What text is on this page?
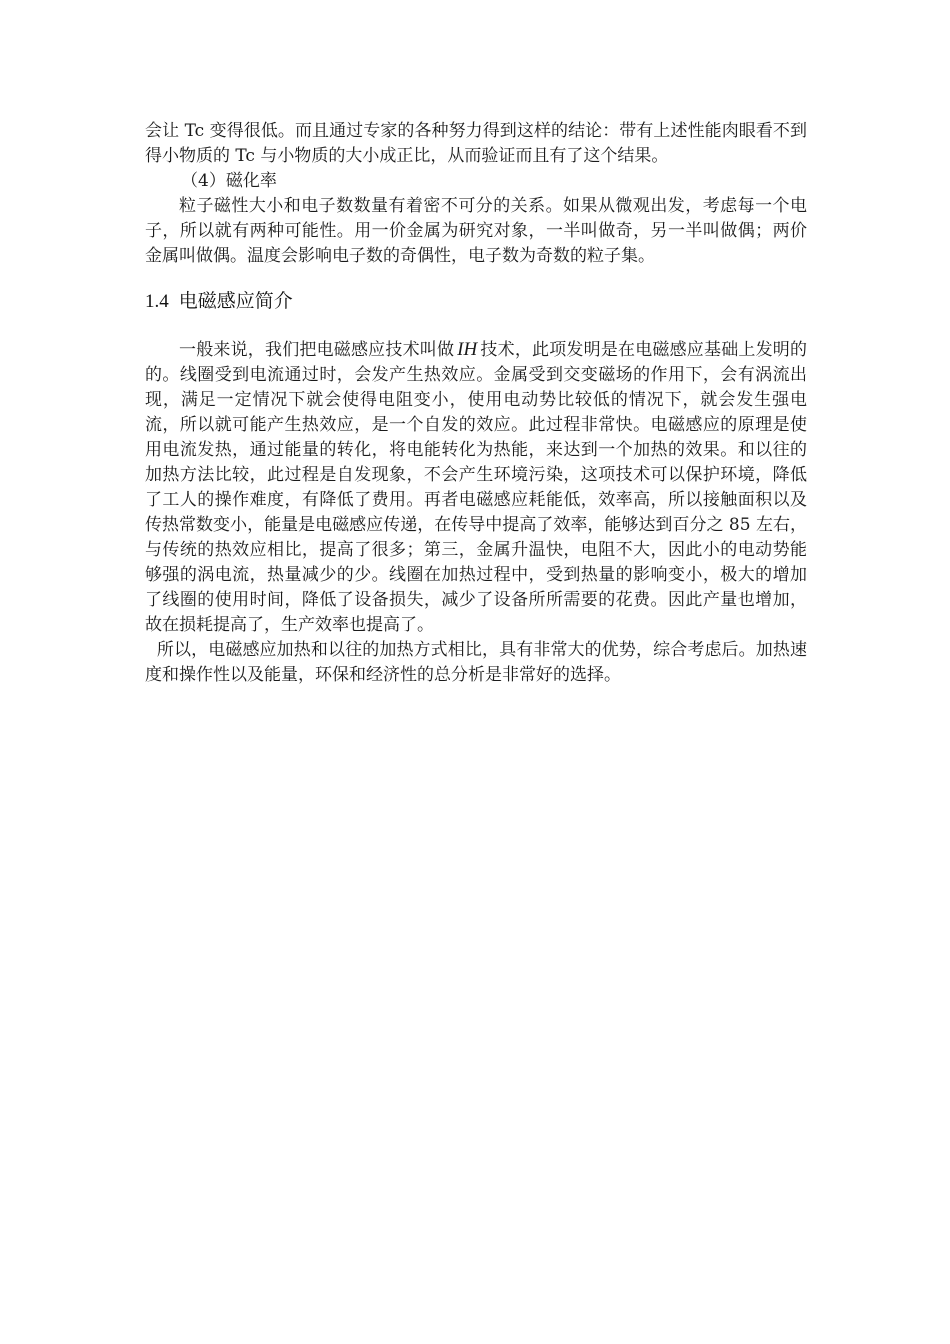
会让 Tc 变得很低。而且通过专家的各种努力得到这样的结论：带有上述性能肉眼看不到得小物质的 Tc 与小物质的大小成正比，从而验证而且有了这个结果。

（4）磁化率

粒子磁性大小和电子数数量有着密不可分的关系。如果从微观出发，考虑每一个电子，所以就有两种可能性。用一价金属为研究对象，一半叫做奇，另一半叫做偶；两价金属叫做偶。温度会影响电子数的奇偶性，电子数为奇数的粒子集。

1.4 电磁感应简介

一般来说，我们把电磁感应技术叫做 IH 技术，此项发明是在电磁感应基础上发明的的。线圈受到电流通过时，会发产生热效应。金属受到交变磁场的作用下，会有涡流出现，满足一定情况下就会使得电阻变小，使用电动势比较低的情况下，就会发生强电流，所以就可能产生热效应，是一个自发的效应。此过程非常快。电磁感应的原理是使用电流发热，通过能量的转化，将电能转化为热能，来达到一个加热的效果。和以往的加热方法比较，此过程是自发现象，不会产生环境污染，这项技术可以保护环境，降低了工人的操作难度，有降低了费用。再者电磁感应耗能低，效率高，所以接触面积以及传热常数变小，能量是电磁感应传递，在传导中提高了效率，能够达到百分之 85 左右，与传统的热效应相比，提高了很多；第三，金属升温快，电阻不大，因此小的电动势能够强的涡电流，热量减少的少。线圈在加热过程中，受到热量的影响变小，极大的增加了线圈的使用时间，降低了设备损失，减少了设备所所需要的花费。因此产量也增加，故在损耗提高了，生产效率也提高了。

所以，电磁感应加热和以往的加热方式相比，具有非常大的优势，综合考虑后。加热速度和操作性以及能量，环保和经济性的总分析是非常好的选择。
